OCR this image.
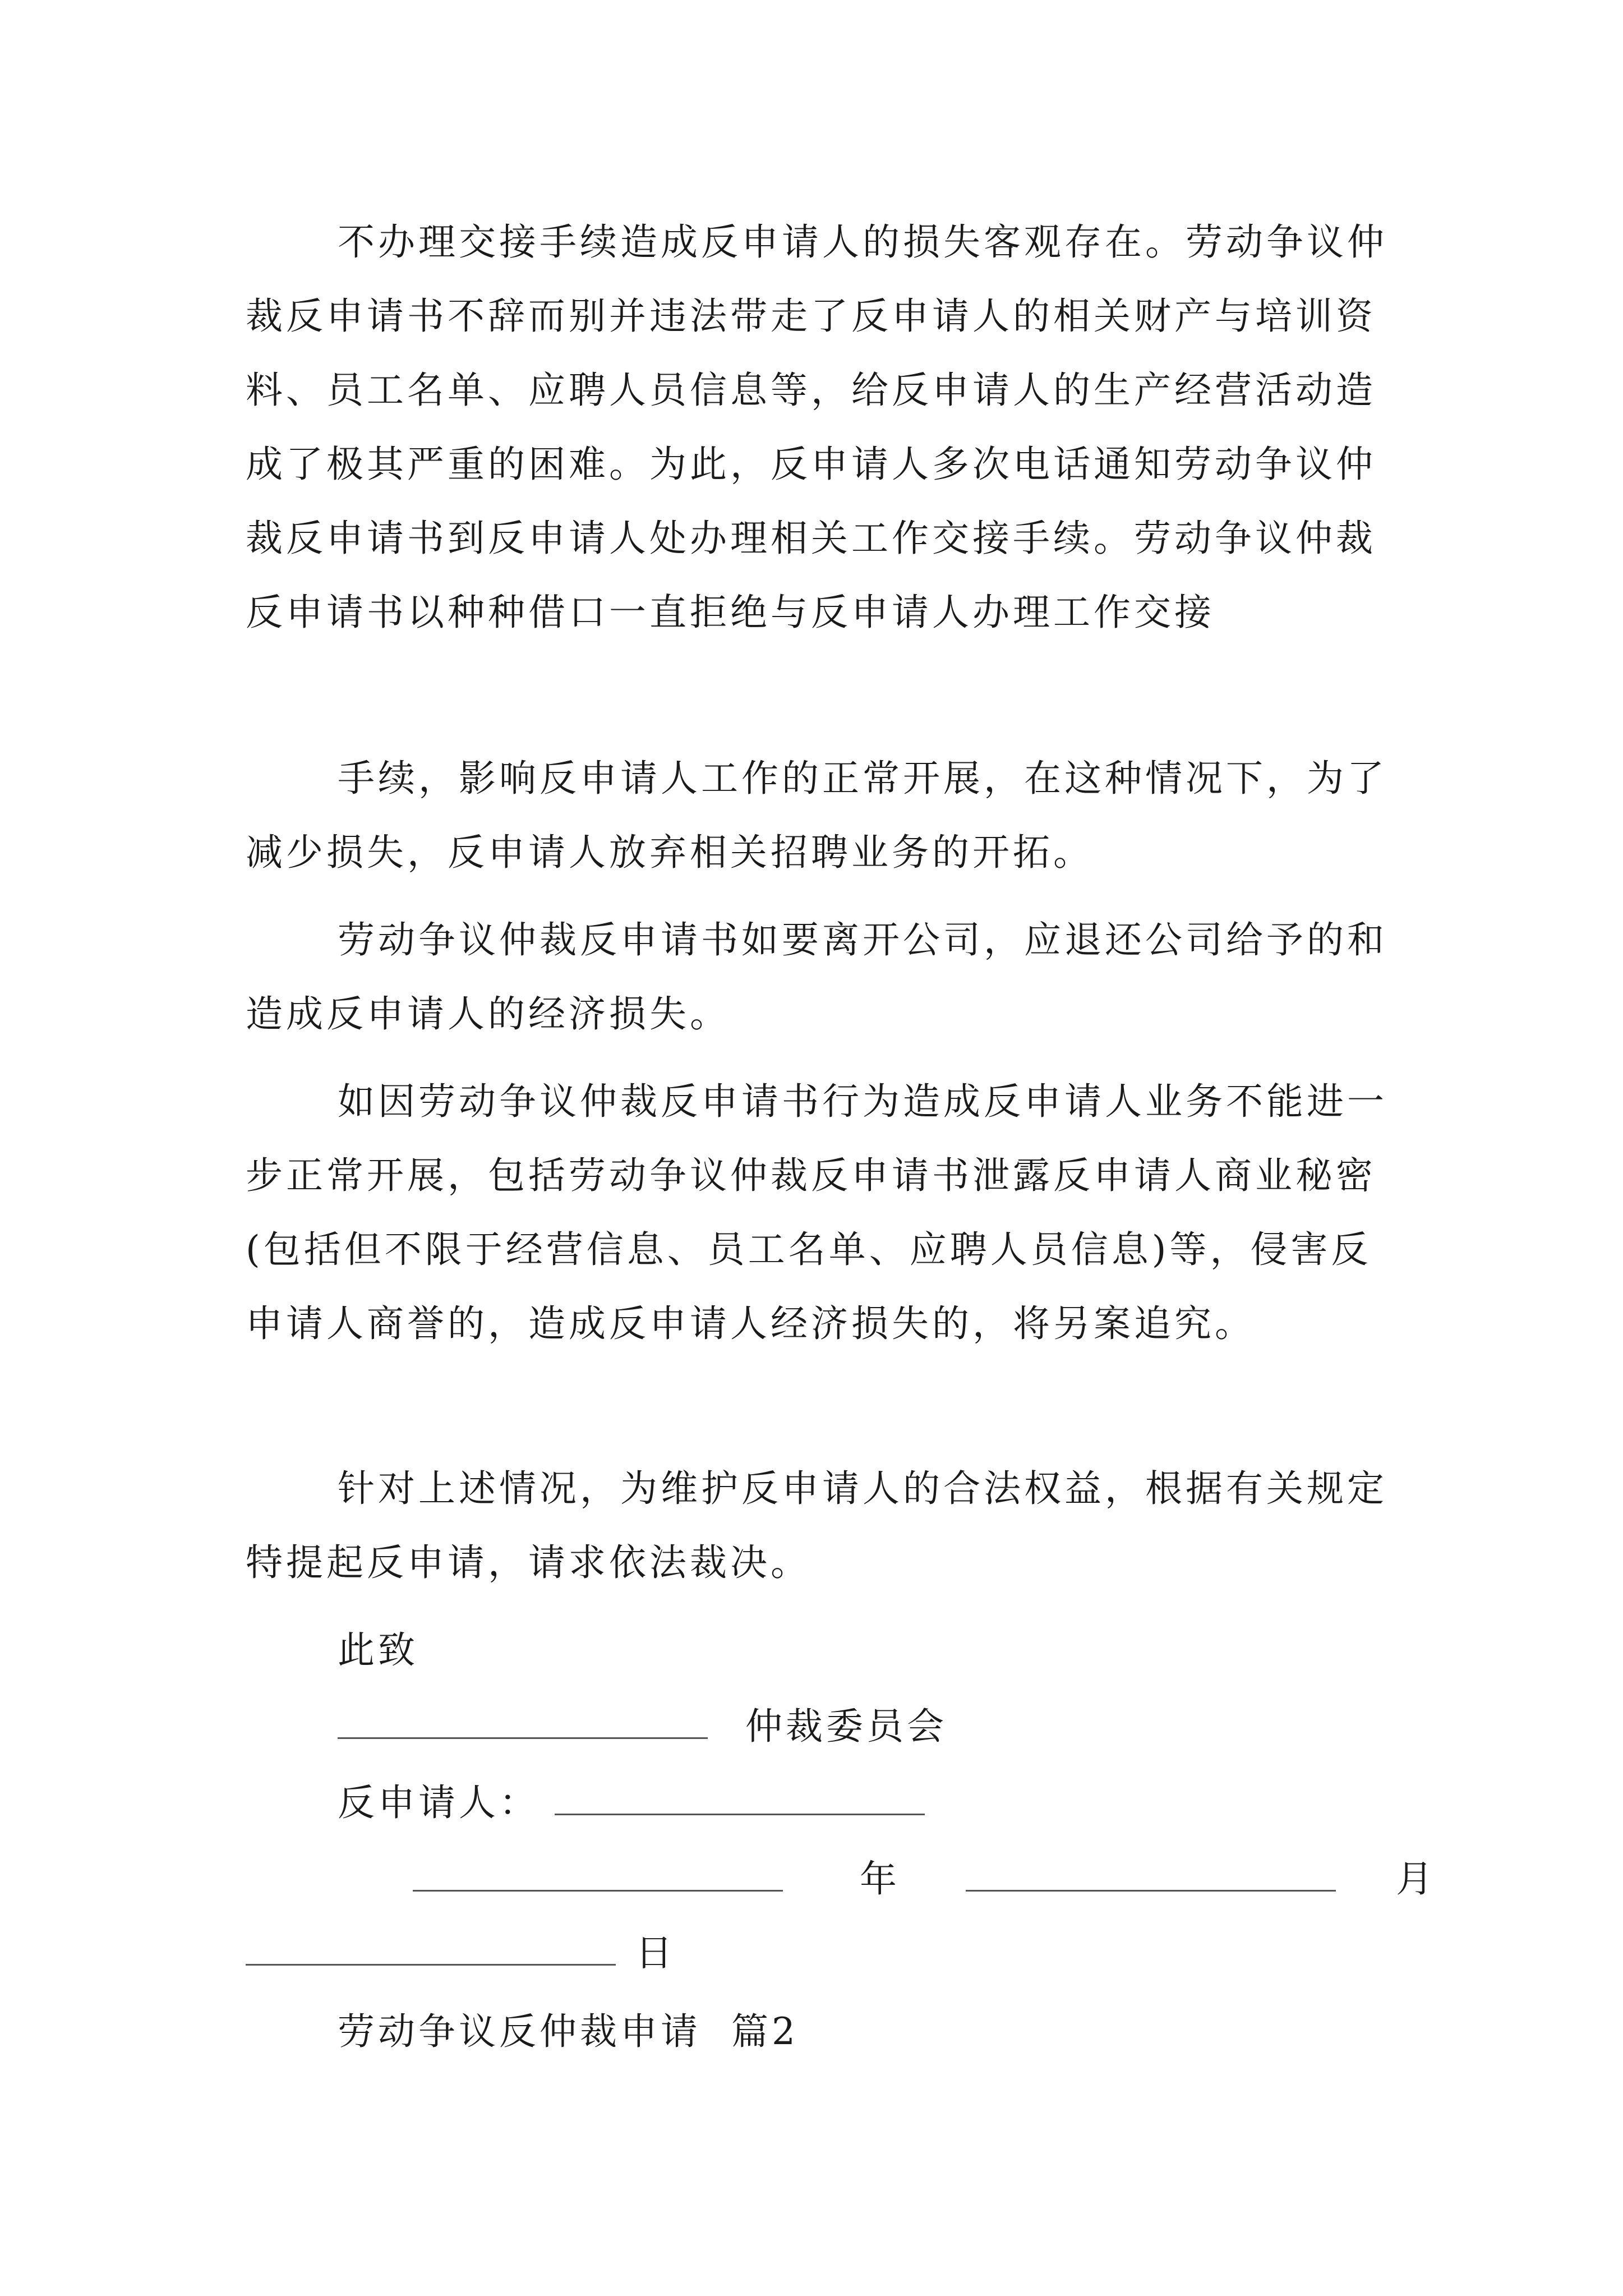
不办理交接手续造成反申请人的损失客观存在。劳动争议仲裁反申请书不辞而别并违法带走了反申请人的相关财产与培训资料、员工名单、应聘人员信息等，给反申请人的生产经营活动造成了极其严重的困难。为此，反申请人多次电话通知劳动争议仲裁反申请书到反申请人处办理相关工作交接手续。劳动争议仲裁反申请书以种种借口一直拒绝与反申请人办理工作交接

手续，影响反申请人工作的正常开展，在这种情况下，为了减少损失，反申请人放弃相关招聘业务的开拓。

劳动争议仲裁反申请书如要离开公司，应退还公司给予的和造成反申请人的经济损失。

如因劳动争议仲裁反申请书行为造成反申请人业务不能进一步正常开展，包括劳动争议仲裁反申请书泄露反申请人商业秘密(包括但不限于经营信息、员工名单、应聘人员信息)等，侵害反申请人商誉的，造成反申请人经济损失的，将另案追究。

针对上述情况，为维护反申请人的合法权益，根据有关规定特提起反申请，请求依法裁决。

此致
仲裁委员会
反申请人：
年	月
日
劳动争议反仲裁申请  篇2
